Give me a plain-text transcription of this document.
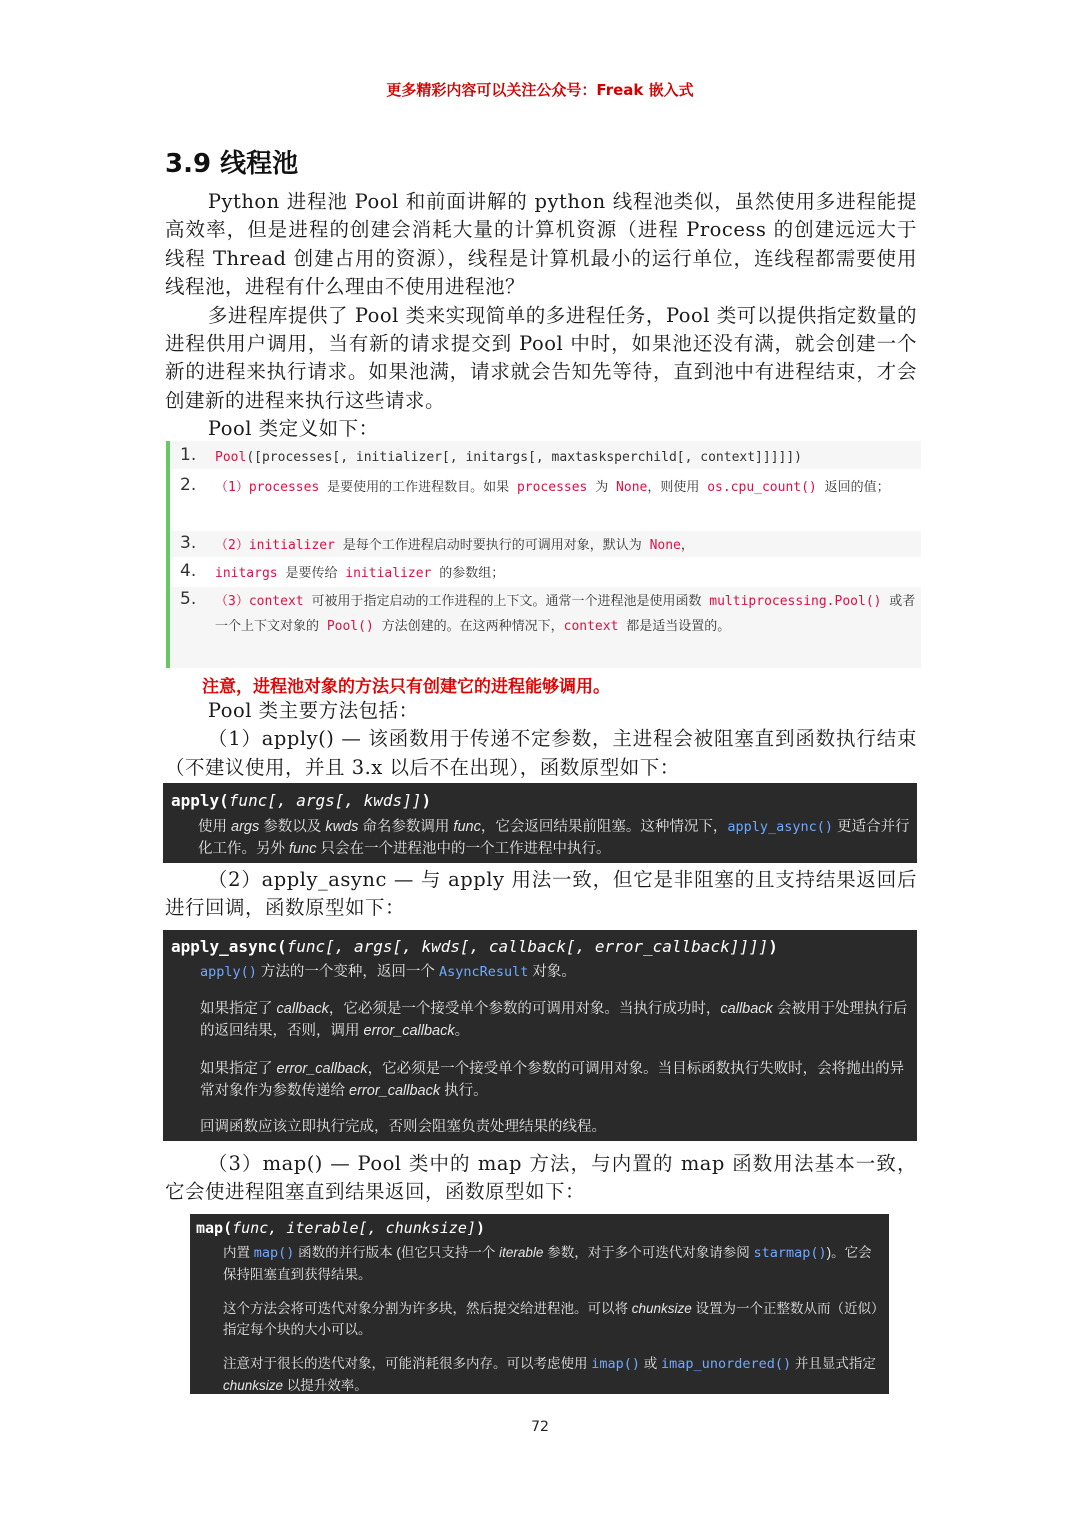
更多精彩内容可以关注公众号：Freak 嵌入式
3.9 线程池

Python 进程池 Pool 和前面讲解的 python 线程池类似，虽然使用多进程能提高效率，但是进程的创建会消耗大量的计算机资源（进程 Process 的创建远远大于线程 Thread 创建占用的资源），线程是计算机最小的运行单位，连线程都需要使用线程池，进程有什么理由不使用进程池？

多进程库提供了 Pool 类来实现简单的多进程任务，Pool 类可以提供指定数量的进程供用户调用，当有新的请求提交到 Pool 中时，如果池还没有满，就会创建一个新的进程来执行请求。如果池满，请求就会告知先等待，直到池中有进程结束，才会创建新的进程来执行这些请求。

Pool 类定义如下：

1. Pool([processes[, initializer[, initargs[, maxtasksperchild[, context]]]]])
2. （1）processes 是要使用的工作进程数目。如果 processes 为 None，则使用 os.cpu_count() 返回的值；
3. （2）initializer 是每个工作进程启动时要执行的可调用对象，默认为 None，
4. initargs 是要传给 initializer 的参数组；
5. （3）context 可被用于指定启动的工作进程的上下文。通常一个进程池是使用函数 multiprocessing.Pool() 或者一个上下文对象的 Pool() 方法创建的。在这两种情况下，context 都是适当设置的。
注意，进程池对象的方法只有创建它的进程能够调用。

Pool 类主要方法包括：

（1）apply() — 该函数用于传递不定参数，主进程会被阻塞直到函数执行结束（不建议使用，并且 3.x 以后不在出现），函数原型如下：

apply(func[, args[, kwds]])
使用 args 参数以及 kwds 命名参数调用 func，它会返回结果前阻塞。这种情况下，apply_async() 更适合并行化工作。另外 func 只会在一个进程池中的一个工作进程中执行。

（2）apply_async — 与 apply 用法一致，但它是非阻塞的且支持结果返回后进行回调，函数原型如下：

apply_async(func[, args[, kwds[, callback[, error_callback]]]])
apply() 方法的一个变种，返回一个 AsyncResult 对象。
如果指定了 callback，它必须是一个接受单个参数的可调用对象。当执行成功时，callback 会被用于处理执行后的返回结果，否则，调用 error_callback。
如果指定了 error_callback，它必须是一个接受单个参数的可调用对象。当目标函数执行失败时，会将抛出的异常对象作为参数传递给 error_callback 执行。
回调函数应该立即执行完成，否则会阻塞负责处理结果的线程。

（3）map() — Pool 类中的 map 方法，与内置的 map 函数用法基本一致，它会使进程阻塞直到结果返回，函数原型如下：

map(func, iterable[, chunksize])
内置 map() 函数的并行版本 (但它只支持一个 iterable 参数，对于多个可迭代对象请参阅 starmap())。它会保持阻塞直到获得结果。
这个方法会将可迭代对象分割为许多块，然后提交给进程池。可以将 chunksize 设置为一个正整数从而（近似）指定每个块的大小可以。
注意对于很长的迭代对象，可能消耗很多内存。可以考虑使用 imap() 或 imap_unordered() 并且显式指定 chunksize 以提升效率。
72
